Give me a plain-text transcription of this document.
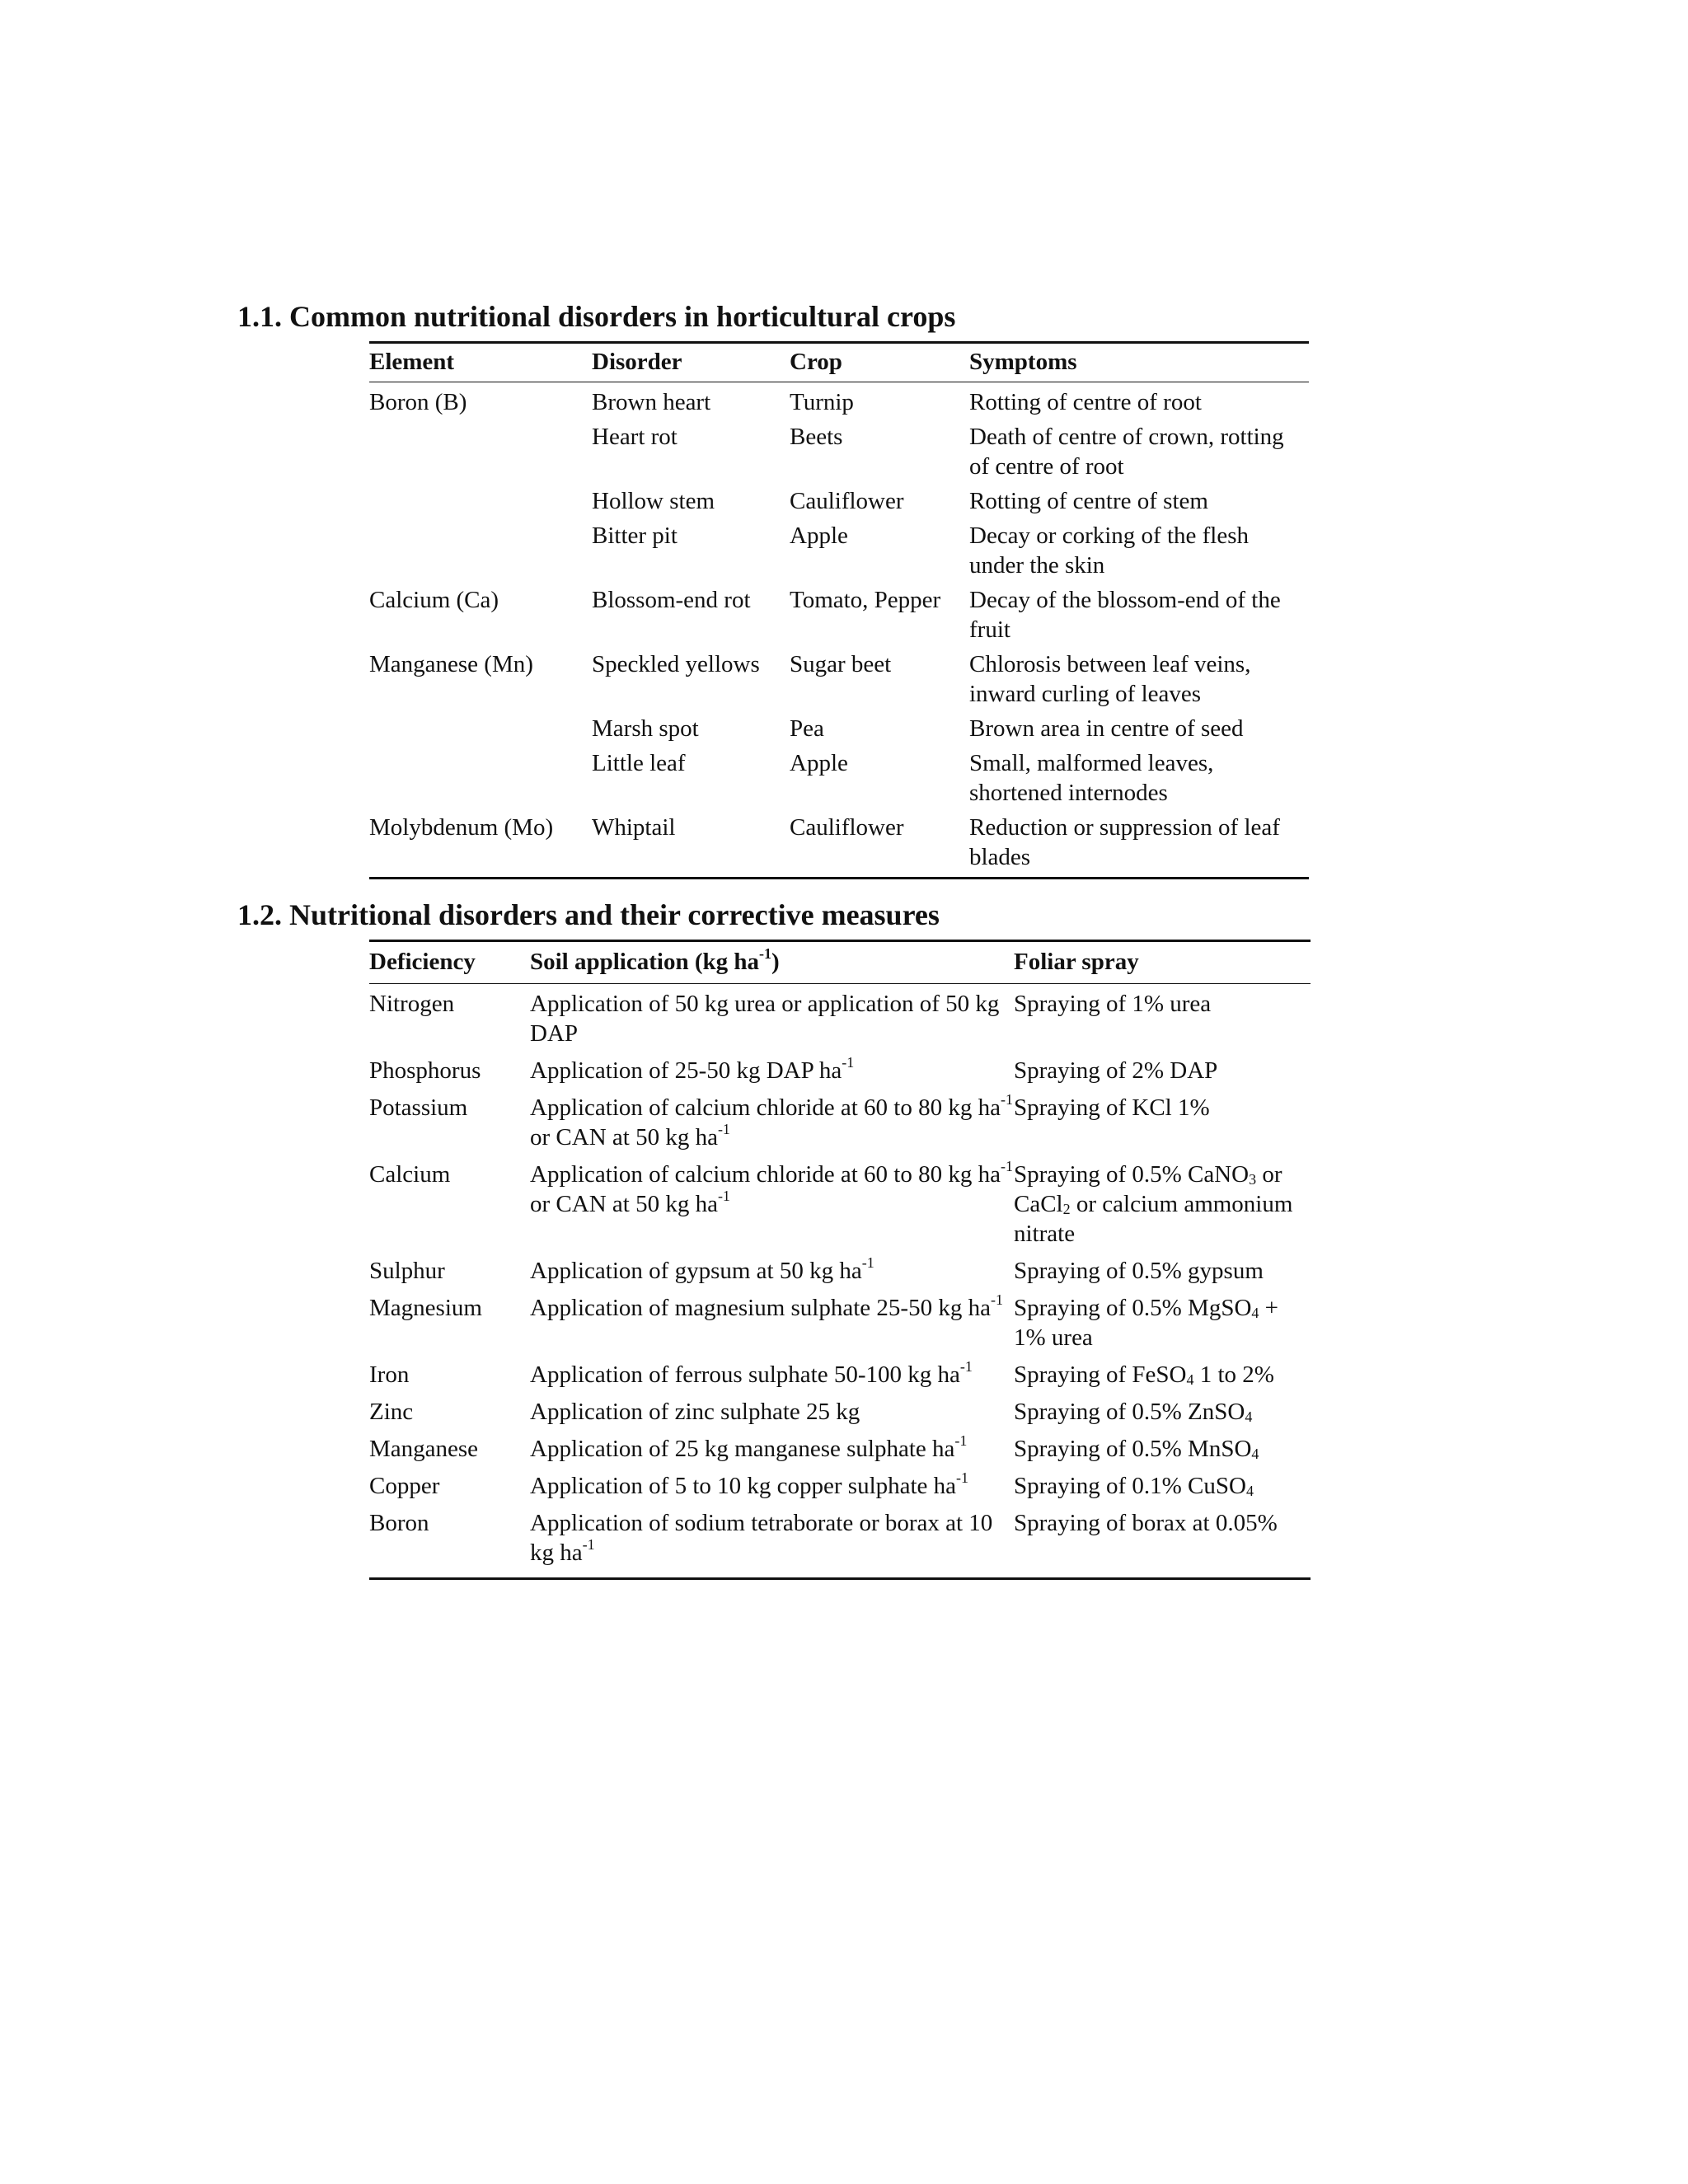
1.1. Common nutritional disorders in horticultural crops
Element	Disorder	Crop	Symptoms
Boron (B)	Brown heart	Turnip	Rotting of centre of root
	Heart rot	Beets	Death of centre of crown, rotting of centre of root
	Hollow stem	Cauliflower	Rotting of centre of stem
	Bitter pit	Apple	Decay or corking of the flesh under the skin
Calcium (Ca)	Blossom-end rot	Tomato, Pepper	Decay of the blossom-end of the fruit
Manganese (Mn)	Speckled yellows	Sugar beet	Chlorosis between leaf veins, inward curling of leaves
	Marsh spot	Pea	Brown area in centre of seed
	Little leaf	Apple	Small, malformed leaves, shortened internodes
Molybdenum (Mo)	Whiptail	Cauliflower	Reduction or suppression of leaf blades
1.2. Nutritional disorders and their corrective measures
Deficiency	Soil application (kg $ha^{-1}$)	Foliar spray
Nitrogen	Application of 50 kg urea or application of 50 kg DAP	Spraying of 1% urea
Phosphorus	Application of 25-50 kg DAP $ha^{-1}$	Spraying of 2% DAP
Potassium	Application of calcium chloride at 60 to 80 kg $ha^{-1}$ or CAN at 50 kg $ha^{-1}$	Spraying of KCl 1%
Calcium	Application of calcium chloride at 60 to 80 kg $ha^{-1}$ or CAN at 50 kg $ha^{-1}$	Spraying of 0.5% CaNO$_3$ or CaCl$_2$ or calcium ammonium nitrate
Sulphur	Application of gypsum at 50 kg $ha^{-1}$	Spraying of 0.5% gypsum
Magnesium	Application of magnesium sulphate 25-50 kg $ha^{-1}$	Spraying of 0.5% MgSO$_4$ + 1% urea
Iron	Application of ferrous sulphate 50-100 kg $ha^{-1}$	Spraying of FeSO$_4$ 1 to 2%
Zinc	Application of zinc sulphate 25 kg	Spraying of 0.5% ZnSO$_4$
Manganese	Application of 25 kg manganese sulphate $ha^{-1}$	Spraying of 0.5% MnSO$_4$
Copper	Application of 5 to 10 kg copper sulphate $ha^{-1}$	Spraying of 0.1% CuSO$_4$
Boron	Application of sodium tetraborate or borax at 10 kg $ha^{-1}$	Spraying of borax at 0.05%
